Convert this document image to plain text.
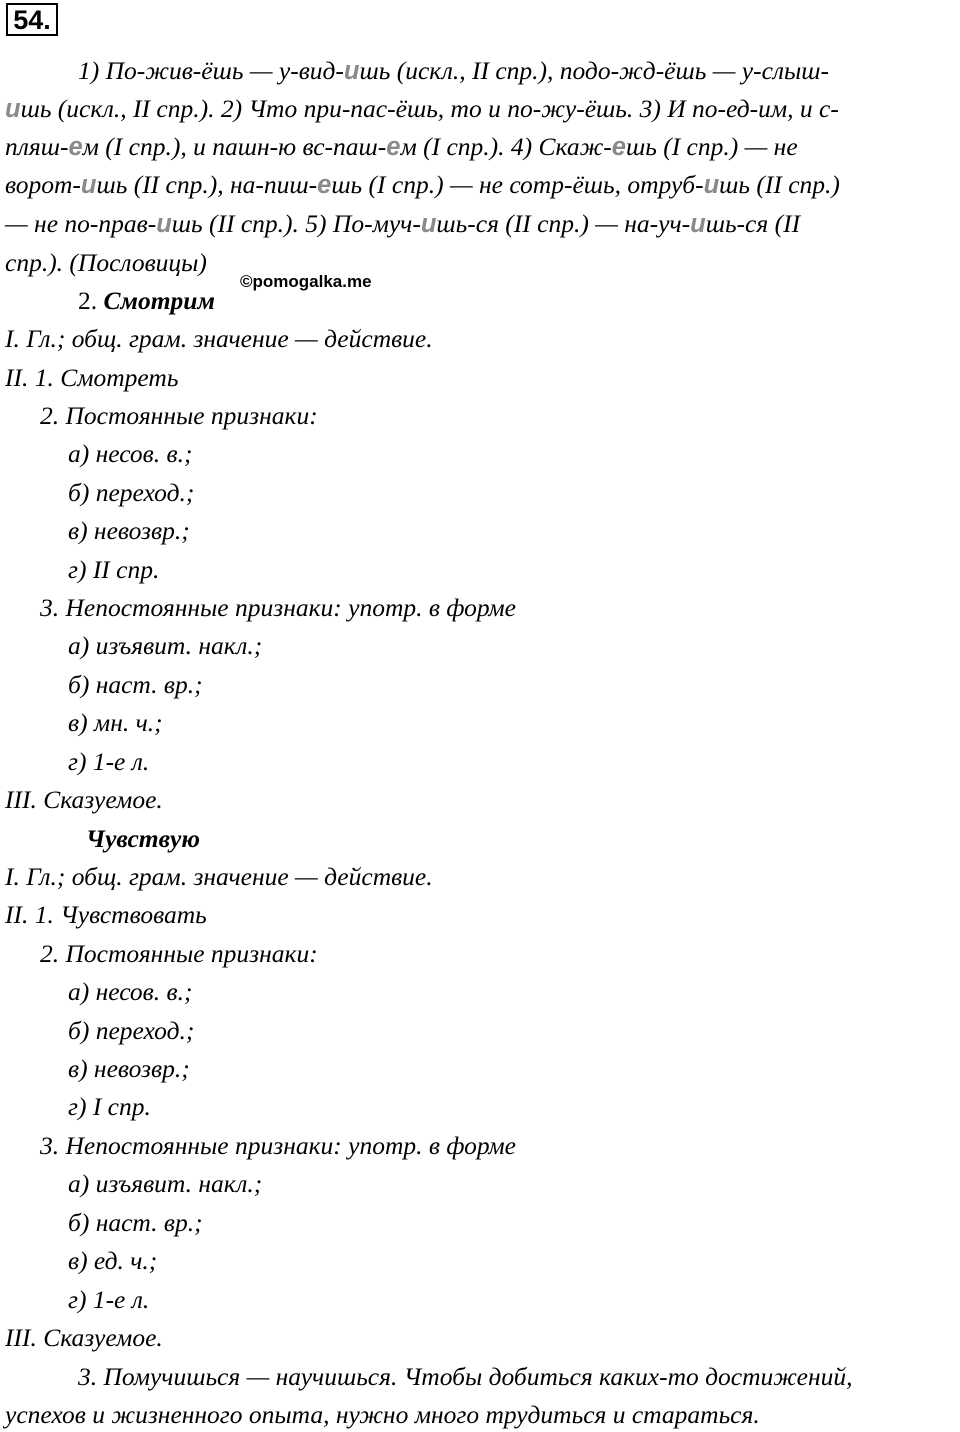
54.
1) По-жив-ёшь — у-вид-ишь (искл., II спр.), подо-жд-ёшь — у-слыш-
ишь (искл., II спр.). 2) Что при-пас-ёшь, то и по-жу-ёшь. 3) И по-ед-им, и с-
пляш-ем (I спр.), и пашн-ю вс-паш-ем (I спр.). 4) Скаж-ешь (I спр.) — не
ворот-ишь (II спр.), на-пиш-ешь (I спр.) — не сотр-ёшь, отруб-ишь (II спр.)
— не по-прав-ишь (II спр.). 5) По-муч-ишь-ся (II спр.) — на-уч-ишь-ся (II
спр.). (Пословицы)
©pomogalka.me
2. Смотрим
I. Гл.; общ. грам. значение — действие.
II. 1. Смотреть
2. Постоянные признаки:
а) несов. в.;
б) переход.;
в) невозвр.;
г) II спр.
3. Непостоянные признаки: употр. в форме
а) изъявит. накл.;
б) наст. вр.;
в) мн. ч.;
г) 1-е л.
III. Сказуемое.
Чувствую
I. Гл.; общ. грам. значение — действие.
II. 1. Чувствовать
2. Постоянные признаки:
а) несов. в.;
б) переход.;
в) невозвр.;
г) I спр.
3. Непостоянные признаки: употр. в форме
а) изъявит. накл.;
б) наст. вр.;
в) ед. ч.;
г) 1-е л.
III. Сказуемое.
3. Помучишься — научишься. Чтобы добиться каких-то достижений,
успехов и жизненного опыта, нужно много трудиться и стараться.
